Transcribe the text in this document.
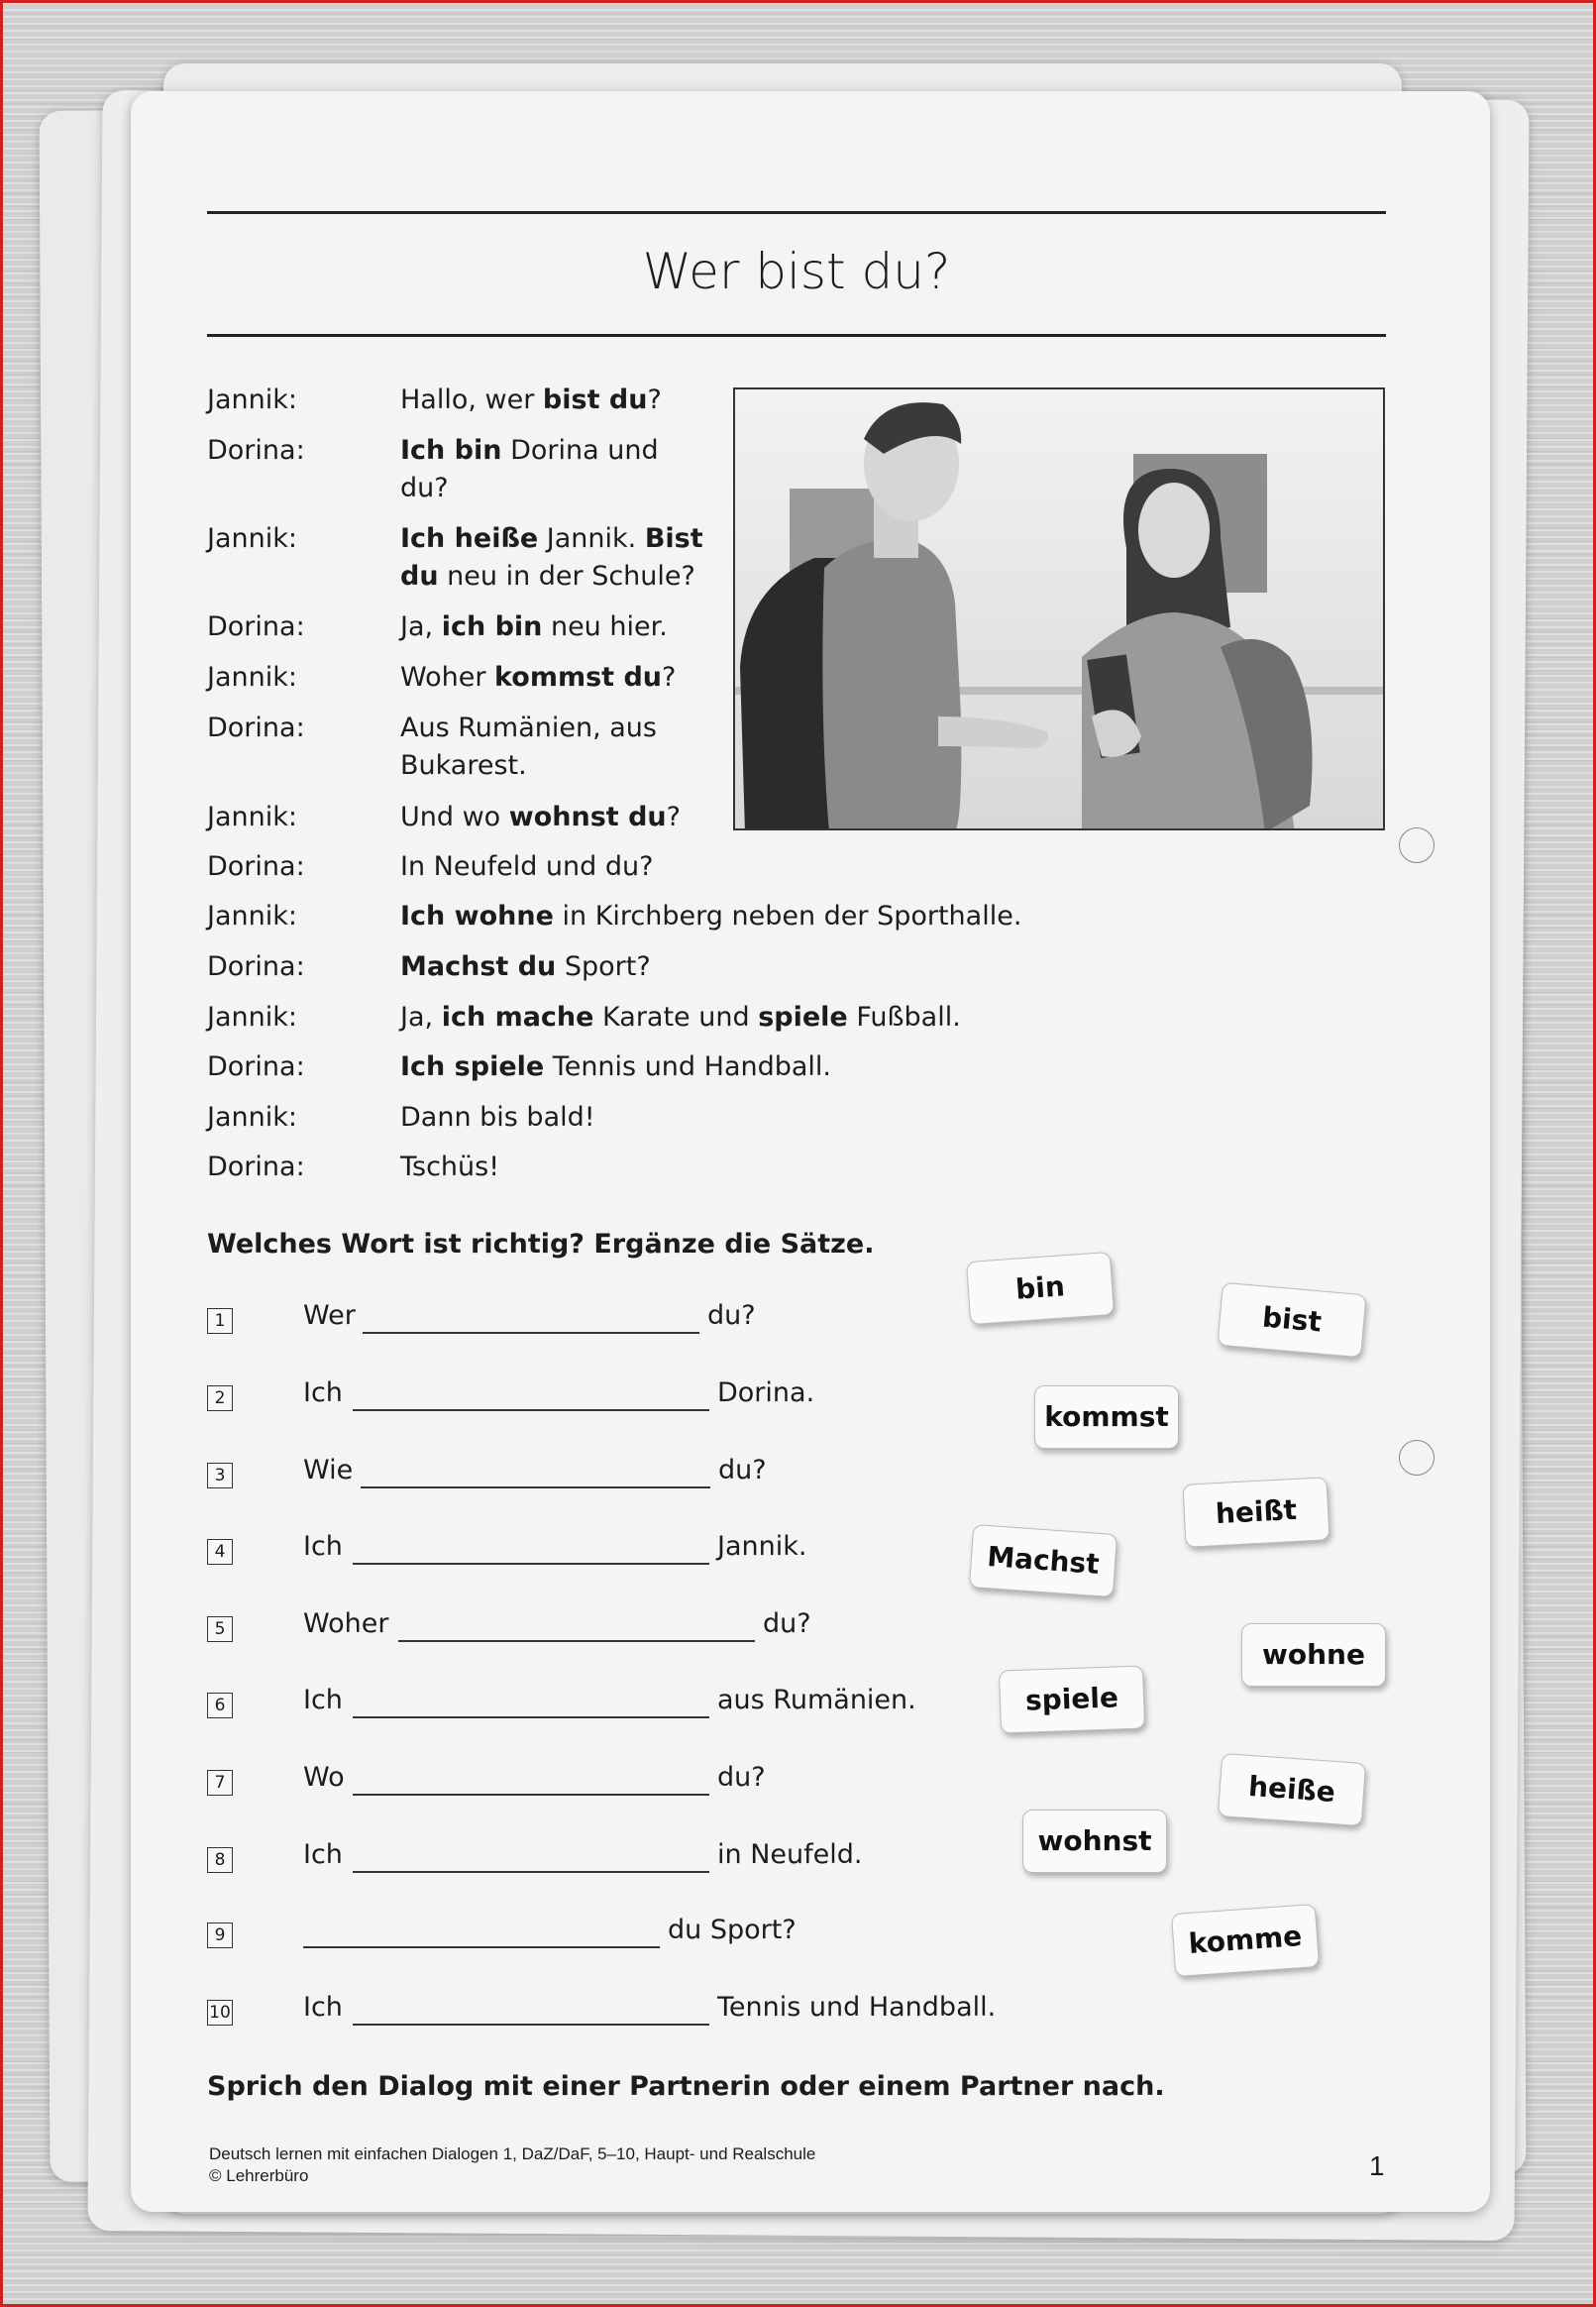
Wer bist du?
Jannik:	Hallo, wer bist du?
Dorina:	Ich bin Dorina und
du?
Jannik:	Ich heiße Jannik. Bist
du neu in der Schule?
Dorina:	Ja, ich bin neu hier.
Jannik:	Woher kommst du?
Dorina:	Aus Rumänien, aus
Bukarest.
Jannik:	Und wo wohnst du?
Dorina:	In Neufeld und du?
Jannik:	Ich wohne in Kirchberg neben der Sporthalle.
Dorina:	Machst du Sport?
Jannik:	Ja, ich mache Karate und spiele Fußball.
Dorina:	Ich spiele Tennis und Handball.
Jannik:	Dann bis bald!
Dorina:	Tschüs!
Welches Wort ist richtig? Ergänze die Sätze.
1	Wer	du?
2	Ich	Dorina.
3	Wie	du?
4	Ich	Jannik.
5	Woher	du?
6	Ich	aus Rumänien.
7	Wo	du?
8	Ich	in Neufeld.
9	du Sport?
10	Ich	Tennis und Handball.
bin
bist
kommst
heißt
Machst
wohne
spiele
heiße
wohnst
komme
Sprich den Dialog mit einer Partnerin oder einem Partner nach.
Deutsch lernen mit einfachen Dialogen 1, DaZ/DaF, 5–10, Haupt- und Realschule
© Lehrerbüro	1
